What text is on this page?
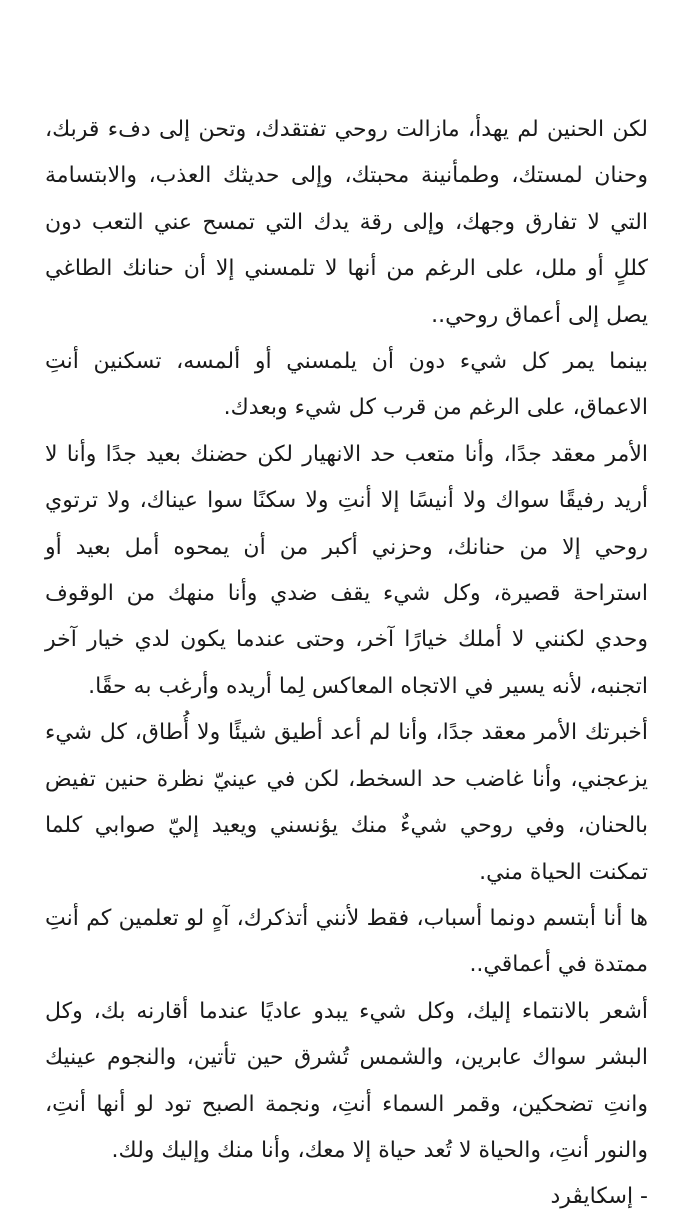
لكن الحنين لم يهدأ، مازالت روحي تفتقدك، وتحن إلى دفء قربك، وحنان لمستك، وطمأنينة محبتك، وإلى حديثك العذب، والابتسامة التي لا تفارق وجهك، وإلى رقة يدك التي تمسح عني التعب دون كللٍ أو ملل، على الرغم من أنها لا تلمسني إلا أن حنانك الطاغي يصل إلى أعماق روحي..

بينما يمر كل شيء دون أن يلمسني أو ألمسه، تسكنين أنتِ الاعماق، على الرغم من قرب كل شيء وبعدك.

الأمر معقد جدًا، وأنا متعب حد الانهيار لكن حضنك بعيد جدًا وأنا لا أريد رفيقًا سواك ولا أنيسًا إلا أنتِ ولا سكنًا سوا عيناك، ولا ترتوي روحي إلا من حنانك، وحزني أكبر من أن يمحوه أمل بعيد أو استراحة قصيرة، وكل شيء يقف ضدي وأنا منهك من الوقوف وحدي لكنني لا أملك خيارًا آخر، وحتى عندما يكون لدي خيار آخر اتجنبه، لأنه يسير في الاتجاه المعاكس لِما أريده وأرغب به حقًا.

أخبرتك الأمر معقد جدًا، وأنا لم أعد أطيق شيئًا ولا أُطاق، كل شيء يزعجني، وأنا غاضب حد السخط، لكن في عينيّ نظرة حنين تفيض بالحنان، وفي روحي شيءٌ منك يؤنسني ويعيد إليّ صوابي كلما تمكنت الحياة مني.

ها أنا أبتسم دونما أسباب، فقط لأنني أتذكرك، آهٍ لو تعلمين كم أنتِ ممتدة في أعماقي..

أشعر بالانتماء إليك، وكل شيء يبدو عاديًا عندما أقارنه بك، وكل البشر سواك عابرين، والشمس تُشرق حين تأتين، والنجوم عينيك وانتِ تضحكين، وقمر السماء أنتِ، ونجمة الصبح تود لو أنها أنتِ، والنور أنتِ، والحياة لا تُعد حياة إلا معك، وأنا منك وإليك ولك.

- إسكايڤرد
